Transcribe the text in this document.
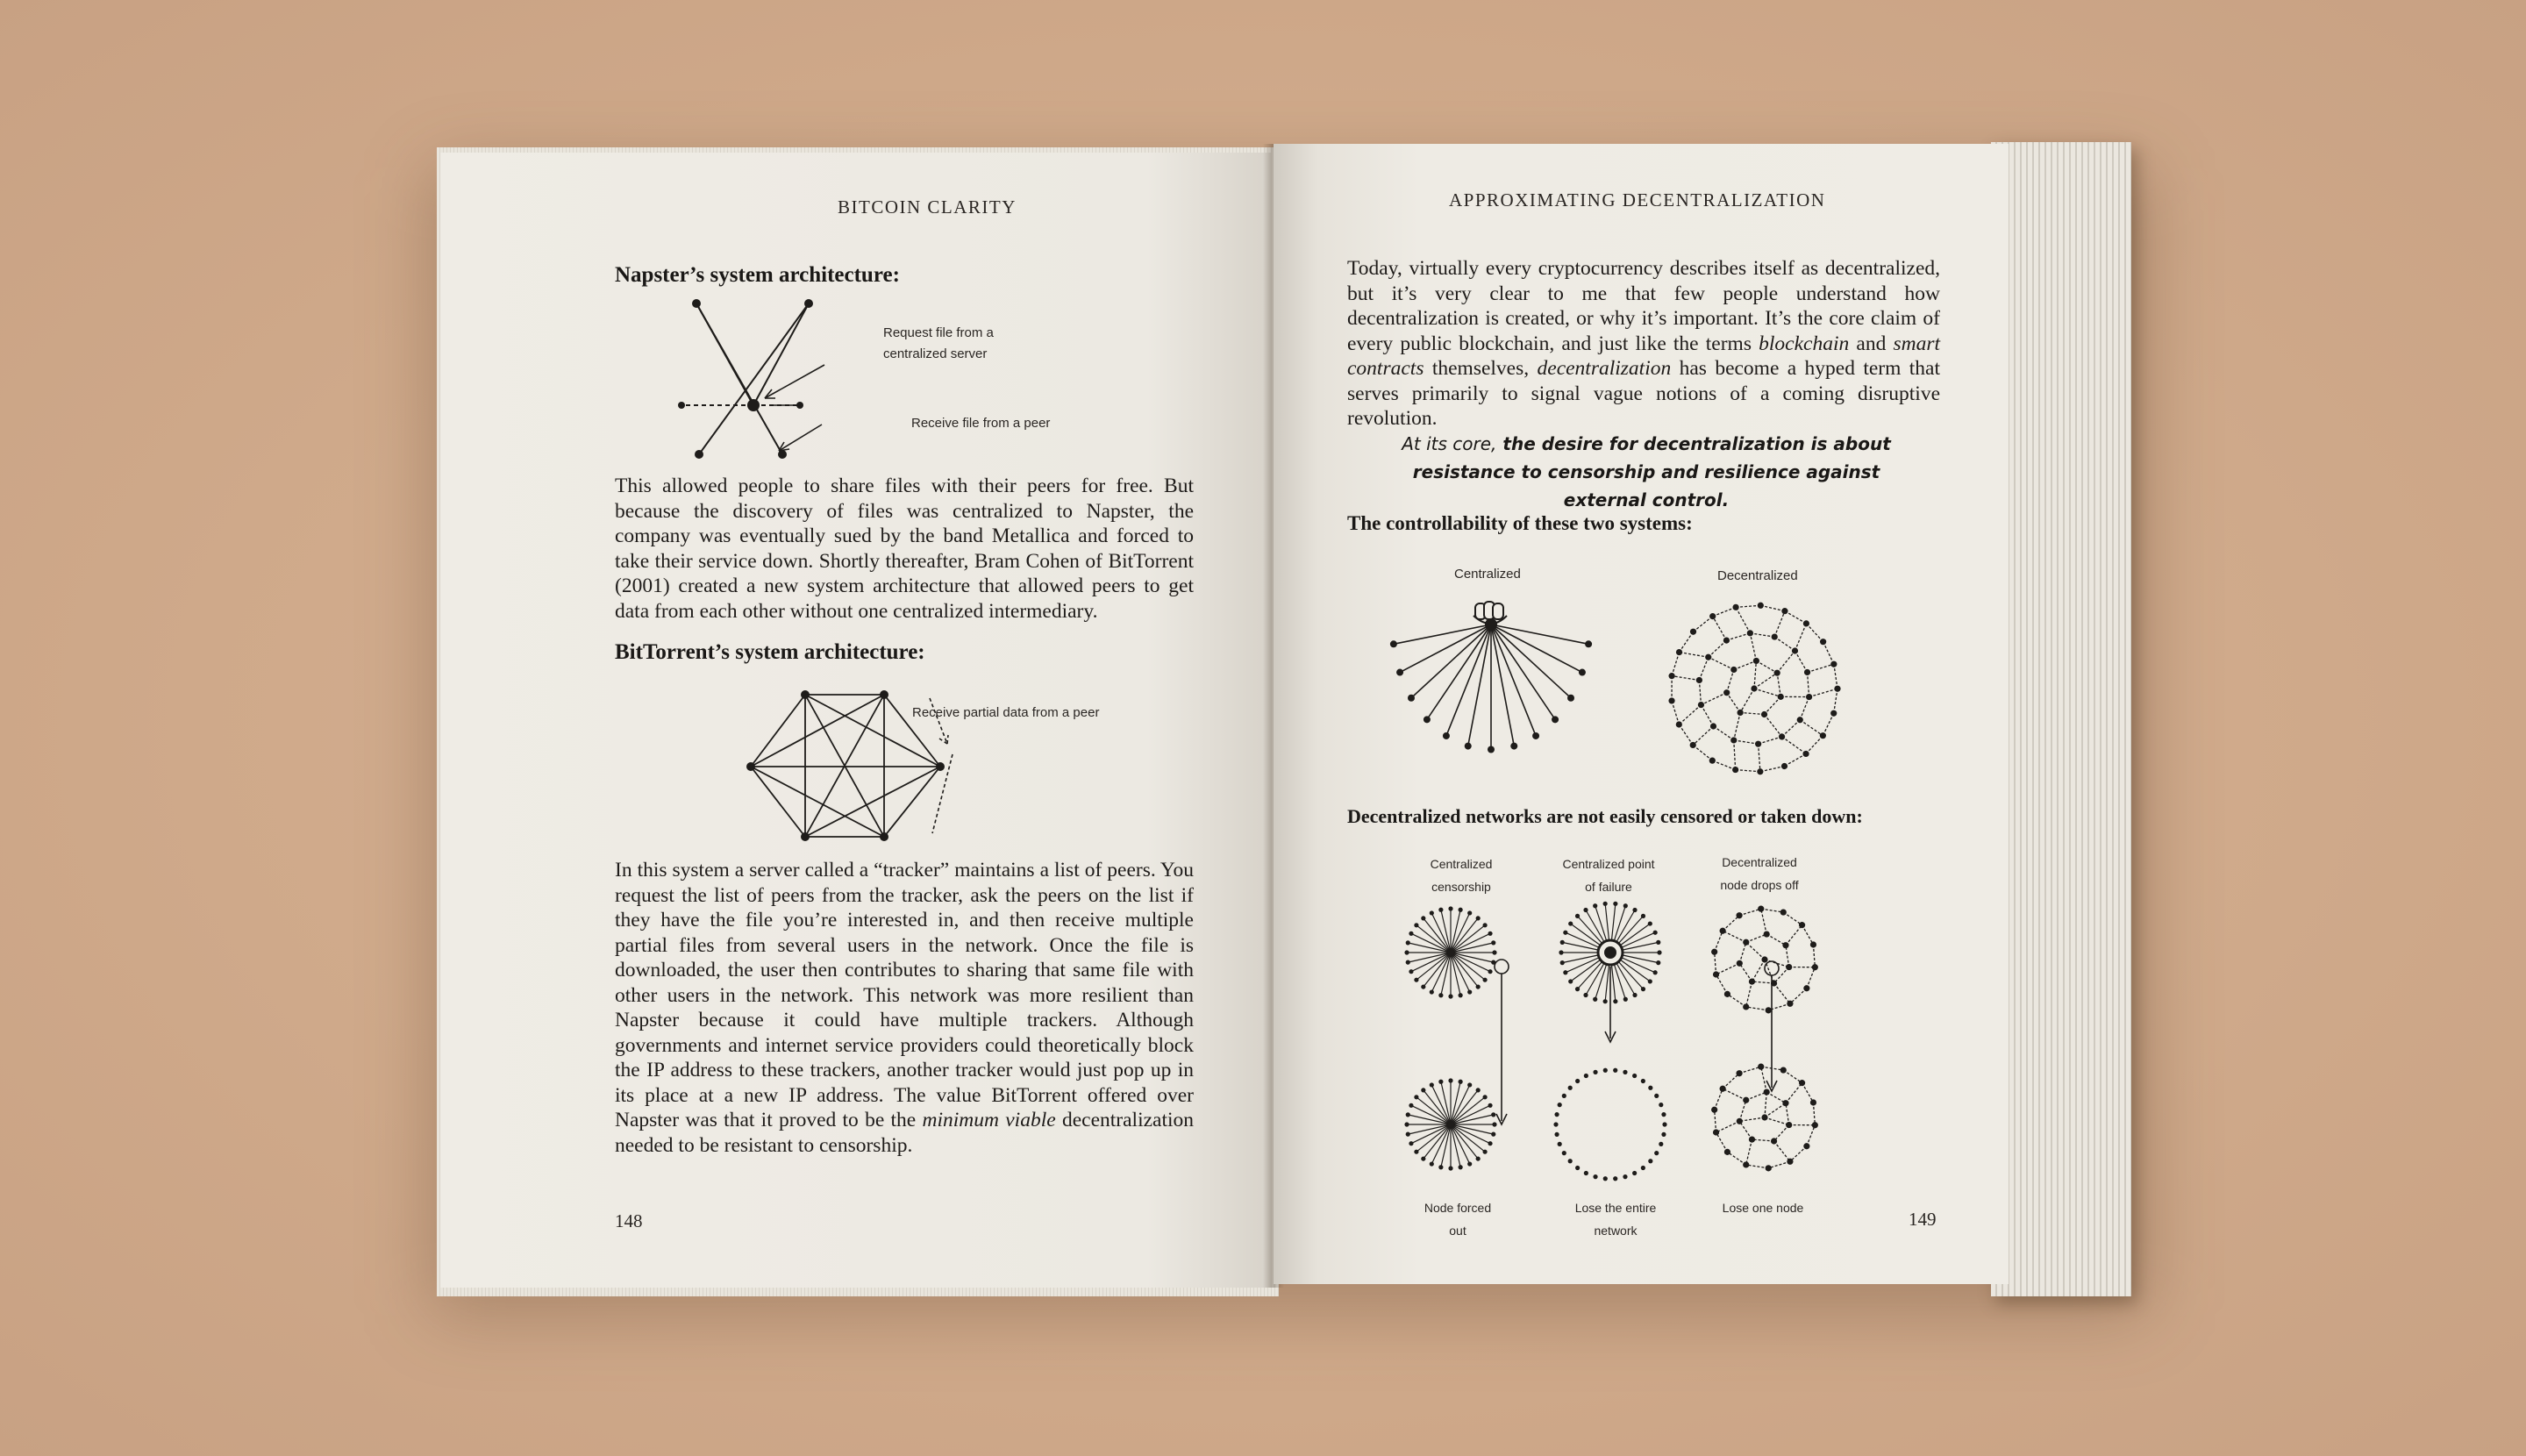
BITCOIN CLARITY
Napster’s system architecture:
Request file from a centralized server
Receive file from a peer
This allowed people to share files with their peers for free. But because the discovery of files was centralized to Napster, the company was eventually sued by the band Metallica and forced to take their service down. Shortly thereafter, Bram Cohen of BitTorrent (2001) created a new system architecture that allowed peers to get data from each other without one centralized intermediary.
BitTorrent’s system architecture:
Receive partial data from a peer
In this system a server called a “tracker” maintains a list of peers. You request the list of peers from the tracker, ask the peers on the list if they have the file you’re interested in, and then receive multiple partial files from several users in the network. Once the file is downloaded, the user then contributes to sharing that same file with other users in the network. This network was more resilient than Napster because it could have multiple trackers. Although governments and internet service providers could theoretically block the IP address to these trackers, another tracker would just pop up in its place at a new IP address. The value BitTorrent offered over Napster was that it proved to be the minimum viable decentralization needed to be resistant to censorship.
148
APPROXIMATING DECENTRALIZATION
Today, virtually every cryptocurrency describes itself as decentralized, but it’s very clear to me that few people understand how decentralization is created, or why it’s important. It’s the core claim of every public blockchain, and just like the terms blockchain and smart contracts themselves, decentralization has become a hyped term that serves primarily to signal vague notions of a coming disruptive revolution.
At its core, the desire for decentralization is about resistance to censorship and resilience against external control.
The controllability of these two systems:
Centralized	Decentralized
Decentralized networks are not easily censored or taken down:
Centralized censorship
Centralized point of failure
Decentralized node drops off
Node forced out
Lose the entire network
Lose one node
149
